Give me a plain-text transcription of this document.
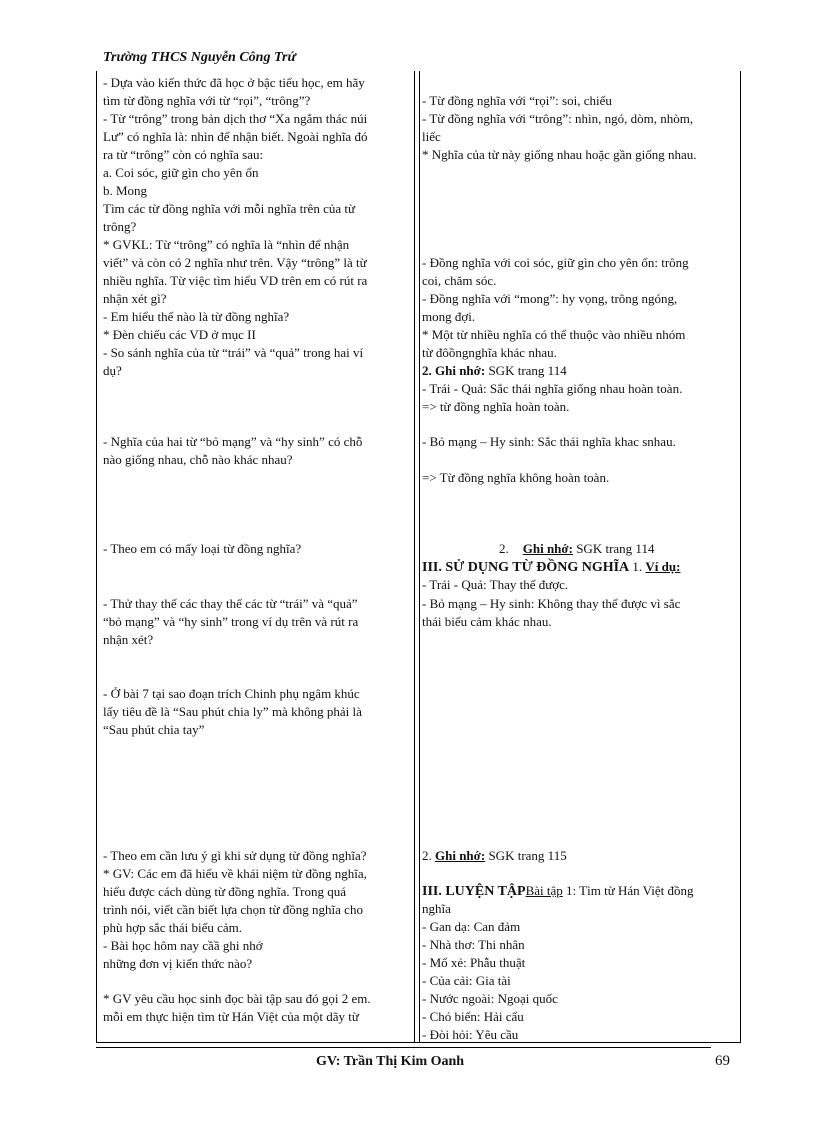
Trường THCS Nguyễn Công Trứ
- Dựa vào kiến thức đã học ở bậc tiểu học, em hãy
tìm từ đồng nghĩa với từ “rọi”, “trông”?
- Từ “trông” trong bản dịch thơ “Xa ngắm thác núi
Lư” có nghĩa là: nhìn để nhận biết. Ngoài nghĩa đó
ra từ “trông” còn có nghĩa sau:
a. Coi sóc, giữ gìn cho yên ổn
b. Mong
Tìm các từ đồng nghĩa với mỗi nghĩa trên của từ
trông?
* GVKL: Từ “trông” có nghĩa là “nhìn để nhận
viết” và còn có 2 nghĩa như trên. Vậy “trông” là từ
nhiều nghĩa. Từ việc tìm hiểu VD trên em có rút ra
nhận xét gì?
- Em hiểu thế nào là từ đồng nghĩa?
* Đèn chiếu các VD ở mục II
- So sánh nghĩa của từ “trái” và “quả” trong hai ví
dụ?
- Nghĩa của hai từ “bỏ mạng” và “hy sinh” có chỗ
nào giống nhau, chỗ nào khác nhau?
- Theo em có mấy loại từ đồng nghĩa?
- Thử thay thế các thay thế các từ “trái” và “quả”
“bỏ mạng” và “hy sinh” trong ví dụ trên và rút ra
nhận xét?
- Ở bài 7 tại sao đoạn trích Chinh phụ ngâm khúc
lấy tiêu đề là “Sau phút chia ly” mà không phải là
“Sau phút chia tay”
- Theo em cần lưu ý gì khi sử dụng từ đồng nghĩa?
* GV: Các em đã hiểu về khái niệm từ đồng nghĩa,
hiểu được cách dùng từ đồng nghĩa. Trong quá
trình nói, viết cần biết lựa chọn từ đồng nghĩa cho
phù hợp sắc thái biểu cảm.
- Bài học hôm nay cầầ ghi nhớ
những đơn vị kiến thức nào?
* GV yêu cầu học sinh đọc bài tập sau đó gọi 2 em.
mỗi em thực hiện tìm từ Hán Việt của một dãy từ
- Từ đồng nghĩa với “rọi”: soi, chiếu
- Từ đồng nghĩa với “trông”: nhìn, ngó, dòm, nhòm,
liếc
* Nghĩa của từ này giống nhau hoặc gần giống nhau.
- Đồng nghĩa với coi sóc, giữ gìn cho yên ổn: trông
coi, chăm sóc.
- Đồng nghĩa với “mong”: hy vọng, trông ngóng,
mong đợi.
* Một từ nhiều nghĩa có thể thuộc vào nhiều nhóm
từ đôồngnghĩa khác nhau.
2. Ghi nhớ: SGK trang 114
- Trái - Quả: Sắc thái nghĩa giống nhau hoàn toàn.
=> từ đồng nghĩa hoàn toàn.
- Bỏ mạng – Hy sinh: Sắc thái nghĩa khac snhau.
=> Từ đồng nghĩa không hoàn toàn.
2. Ghi nhớ: SGK trang 114
III. SỬ DỤNG TỪ ĐỒNG NGHĨA 1. Ví dụ:
- Trái - Quả: Thay thế được.
- Bỏ mạng – Hy sinh: Không thay thế được vì sắc
thái biểu cảm khác nhau.
2. Ghi nhớ: SGK trang 115
III. LUYỆN TẬPBài tập 1: Tìm từ Hán Việt đồng
nghĩa
- Gan dạ: Can đảm
- Nhà thơ: Thi nhân
- Mổ xẻ: Phẫu thuật
- Của cải: Gia tài
- Nước ngoài: Ngoại quốc
- Chó biển: Hải cẩu
- Đòi hỏi: Yêu cầu
GV: Trần Thị Kim Oanh	69
